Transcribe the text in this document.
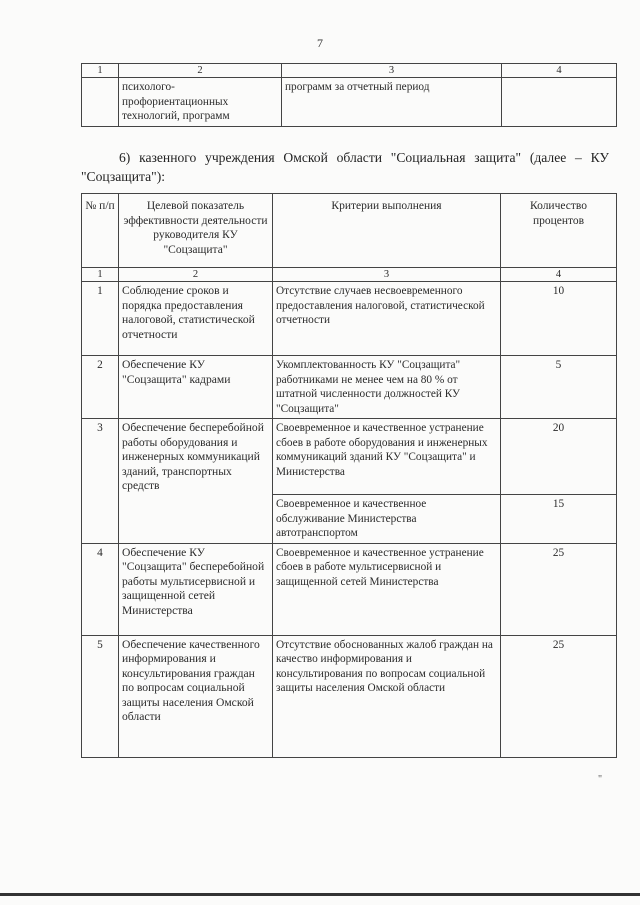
7
1	2	3	4
	психолого-профориентационных технологий, программ	программ за отчетный период	
6) казенного учреждения Омской области "Социальная защита" (далее – КУ "Соцзащита"):
№ п/п	Целевой показатель эффективности деятельности руководителя КУ "Соцзащита"	Критерии выполнения	Количество процентов
1	2	3	4
1	Соблюдение сроков и порядка предоставления налоговой, статистической отчетности	Отсутствие случаев несвоевременного предоставления налоговой, статистической отчетности	10
2	Обеспечение КУ "Соцзащита" кадрами	Укомплектованность КУ "Соцзащита" работниками не менее чем на 80 % от штатной численности должностей КУ "Соцзащита"	5
3	Обеспечение бесперебойной работы оборудования и инженерных коммуникаций зданий, транспортных средств	Своевременное и качественное устранение сбоев в работе оборудования и инженерных коммуникаций зданий КУ "Соцзащита" и Министерства	20
		Своевременное и качественное обслуживание Министерства автотранспортом	15
4	Обеспечение КУ "Соцзащита" бесперебойной работы мультисервисной и защищенной сетей Министерства	Своевременное и качественное устранение сбоев в работе мультисервисной и защищенной сетей Министерства	25
5	Обеспечение качественного информирования и консультирования граждан по вопросам социальной защиты населения Омской области	Отсутствие обоснованных жалоб граждан на качество информирования и консультирования по вопросам социальной защиты населения Омской области	25
"
